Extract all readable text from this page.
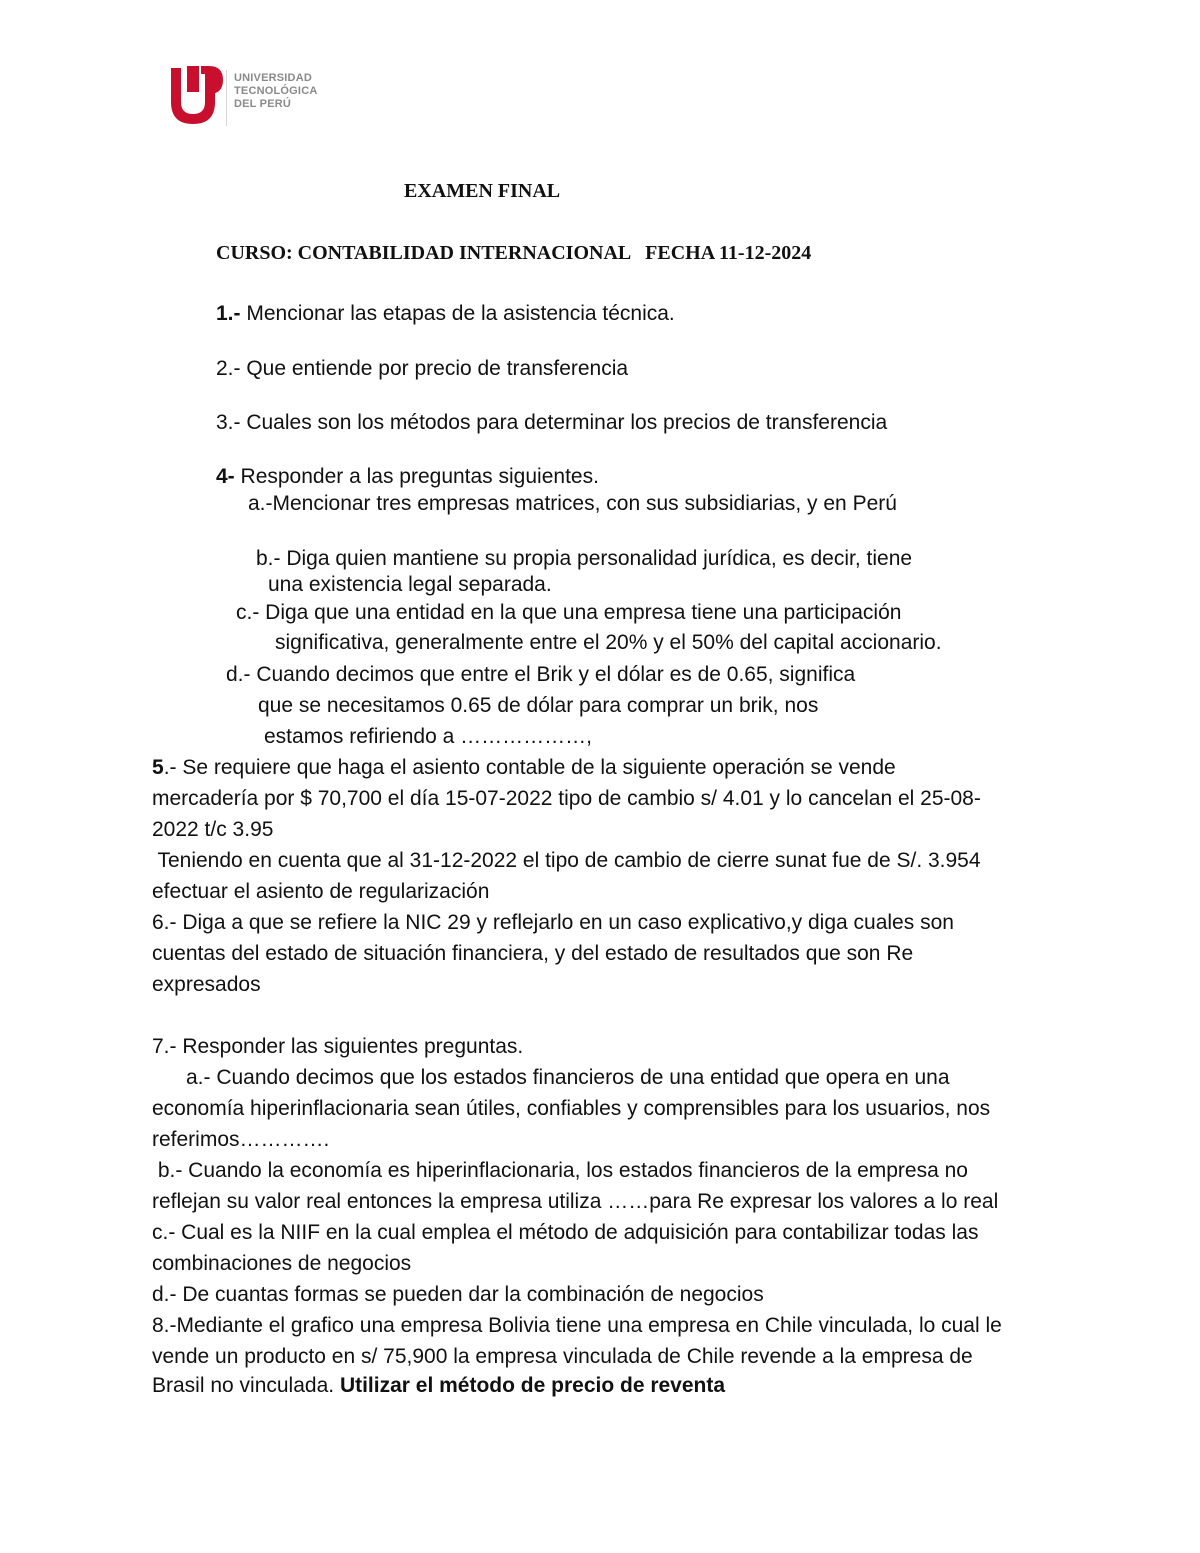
UNIVERSIDAD
TECNOLÓGICA
DEL PERÚ
EXAMEN FINAL
CURSO: CONTABILIDAD INTERNACIONAL   FECHA 11-12-2024
1.- Mencionar las etapas de la asistencia técnica.
2.- Que entiende por precio de transferencia
3.- Cuales son los métodos para determinar los precios de transferencia
4- Responder a las preguntas siguientes.
a.-Mencionar tres empresas matrices, con sus subsidiarias, y en Perú
b.- Diga quien mantiene su propia personalidad jurídica, es decir, tiene
una existencia legal separada.
c.- Diga que una entidad en la que una empresa tiene una participación
significativa, generalmente entre el 20% y el 50% del capital accionario.
d.- Cuando decimos que entre el Brik y el dólar es de 0.65, significa
que se necesitamos 0.65 de dólar para comprar un brik, nos
estamos refiriendo a ………………,
5.- Se requiere que haga el asiento contable de la siguiente operación se vende
mercadería por $ 70,700 el día 15-07-2022 tipo de cambio s/ 4.01 y lo cancelan el 25-08-
2022 t/c 3.95
Teniendo en cuenta que al 31-12-2022 el tipo de cambio de cierre sunat fue de S/. 3.954
efectuar el asiento de regularización
6.- Diga a que se refiere la NIC 29 y reflejarlo en un caso explicativo,y diga cuales son
cuentas del estado de situación financiera, y del estado de resultados que son Re
expresados
7.- Responder las siguientes preguntas.
a.- Cuando decimos que los estados financieros de una entidad que opera en una
economía hiperinflacionaria sean útiles, confiables y comprensibles para los usuarios, nos
referimos………….
b.- Cuando la economía es hiperinflacionaria, los estados financieros de la empresa no
reflejan su valor real entonces la empresa utiliza ……para Re expresar los valores a lo real
c.- Cual es la NIIF en la cual emplea el método de adquisición para contabilizar todas las
combinaciones de negocios
d.- De cuantas formas se pueden dar la combinación de negocios
8.-Mediante el grafico una empresa Bolivia tiene una empresa en Chile vinculada, lo cual le
vende un producto en s/ 75,900 la empresa vinculada de Chile revende a la empresa de
Brasil no vinculada. Utilizar el método de precio de reventa
